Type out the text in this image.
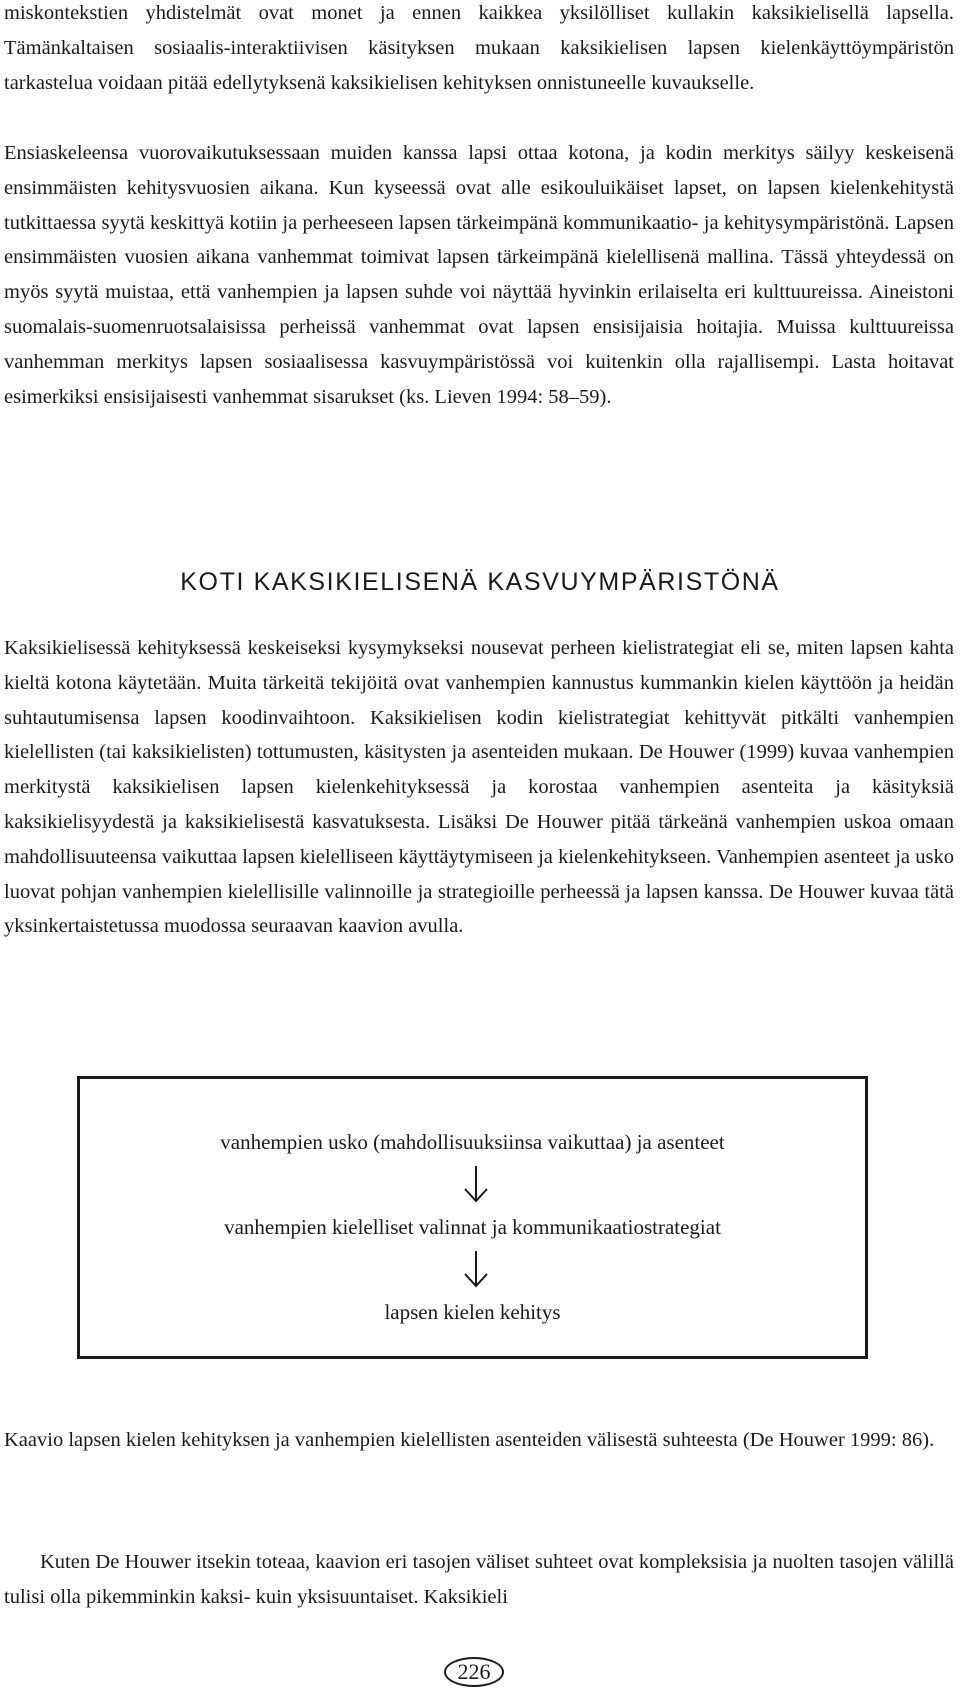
miskontekstien yhdistelmät ovat monet ja ennen kaikkea yksilölliset kullakin kaksikielisellä lapsella. Tämänkaltaisen sosiaalis-interaktiivisen käsityksen mukaan kaksikielisen lapsen kielenkäyttöympäristön tarkastelua voidaan pitää edellytyksenä kaksikielisen kehityksen onnistuneelle kuvaukselle.

Ensiaskeleensa vuorovaikutuksessaan muiden kanssa lapsi ottaa kotona, ja kodin merkitys säilyy keskeisenä ensimmäisten kehitysvuosien aikana. Kun kyseessä ovat alle esikouluikäiset lapset, on lapsen kielenkehitystä tutkittaessa syytä keskittyä kotiin ja perheeseen lapsen tärkeimpänä kommunikaatio- ja kehitysympäristönä. Lapsen ensimmäisten vuosien aikana vanhemmat toimivat lapsen tärkeimpänä kielellisenä mallina. Tässä yhteydessä on myös syytä muistaa, että vanhempien ja lapsen suhde voi näyttää hyvinkin erilaiselta eri kulttuureissa. Aineistoni suomalais-suomenruotsalaisissa perheissä vanhemmat ovat lapsen ensisijaisia hoitajia. Muissa kulttuureissa vanhemman merkitys lapsen sosiaalisessa kasvuympäristössä voi kuitenkin olla rajallisempi. Lasta hoitavat esimerkiksi ensisijaisesti vanhemmat sisarukset (ks. Lieven 1994: 58–59).

KOTI KAKSIKIELISENÄ KASVUYMPÄRISTÖNÄ

Kaksikielisessä kehityksessä keskeiseksi kysymykseksi nousevat perheen kielistrategiat eli se, miten lapsen kahta kieltä kotona käytetään. Muita tärkeitä tekijöitä ovat vanhempien kannustus kummankin kielen käyttöön ja heidän suhtautumisensa lapsen koodinvaihtoon. Kaksikielisen kodin kielistrategiat kehittyvät pitkälti vanhempien kielellisten (tai kaksikielisten) tottumusten, käsitysten ja asenteiden mukaan. De Houwer (1999) kuvaa vanhempien merkitystä kaksikielisen lapsen kielenkehityksessä ja korostaa vanhempien asenteita ja käsityksiä kaksikielisyydestä ja kaksikielisestä kasvatuksesta. Lisäksi De Houwer pitää tärkeänä vanhempien uskoa omaan mahdollisuuteensa vaikuttaa lapsen kielelliseen käyttäytymiseen ja kielenkehitykseen. Vanhempien asenteet ja usko luovat pohjan vanhempien kielellisille valinnoille ja strategioille perheessä ja lapsen kanssa. De Houwer kuvaa tätä yksinkertaistetussa muodossa seuraavan kaavion avulla.

vanhempien usko (mahdollisuuksiinsa vaikuttaa) ja asenteet

vanhempien kielelliset valinnat ja kommunikaatiostrategiat

lapsen kielen kehitys

Kaavio lapsen kielen kehityksen ja vanhempien kielellisten asenteiden välisestä suhteesta (De Houwer 1999: 86).

Kuten De Houwer itsekin toteaa, kaavion eri tasojen väliset suhteet ovat kompleksisia ja nuolten tasojen välillä tulisi olla pikemminkin kaksi- kuin yksisuuntaiset. Kaksikieli

226
